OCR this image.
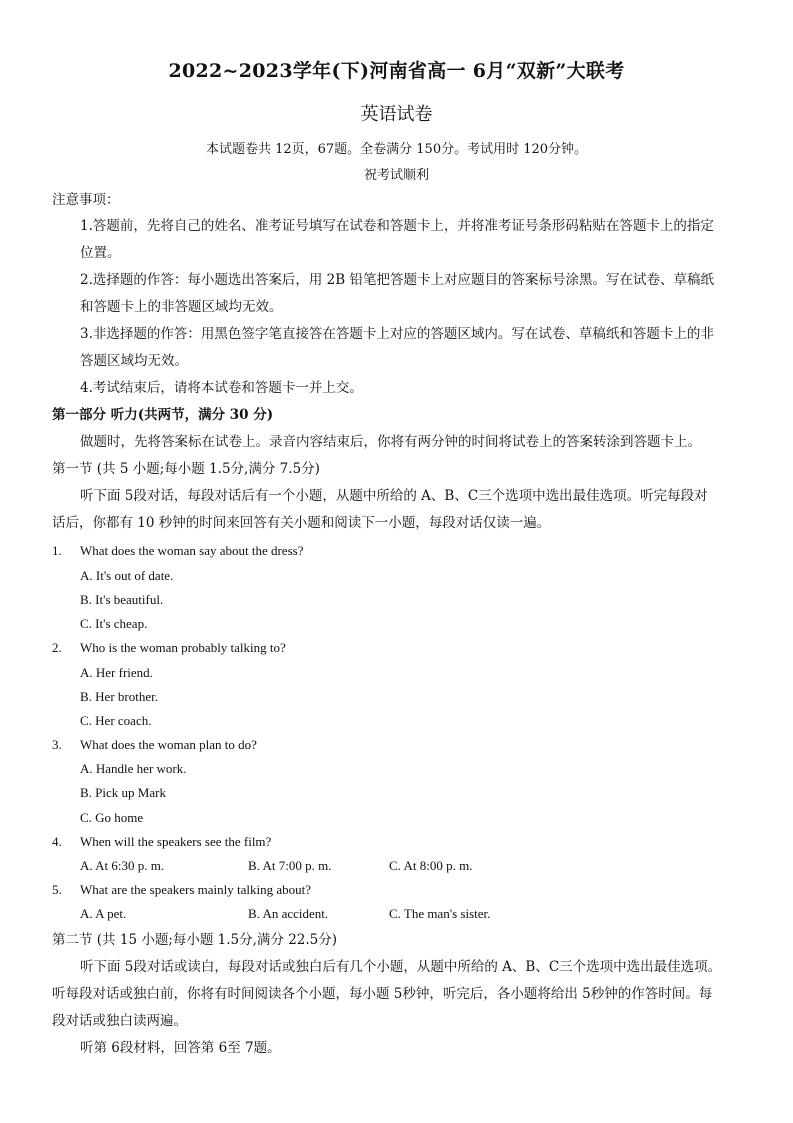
2022~2023学年(下)河南省高一 6月“双新”大联考
英语试卷
本试题卷共 12页，67题。全卷满分 150分。考试用时 120分钟。
祝考试顺利
注意事项：
1.答题前，先将自己的姓名、准考证号填写在试卷和答题卡上，并将准考证号条形码粘贴在答题卡上的指定
位置。
2.选择题的作答：每小题选出答案后，用 2B 铅笔把答题卡上对应题目的答案标号涂黑。写在试卷、草稿纸
和答题卡上的非答题区域均无效。
3.非选择题的作答：用黑色签字笔直接答在答题卡上对应的答题区域内。写在试卷、草稿纸和答题卡上的非
答题区域均无效。
4.考试结束后，请将本试卷和答题卡一并上交。
第一部分 听力(共两节，满分 30 分)
做题时，先将答案标在试卷上。录音内容结束后，你将有两分钟的时间将试卷上的答案转涂到答题卡上。
第一节 (共 5 小题;每小题 1.5分,满分 7.5分)
听下面 5段对话，每段对话后有一个小题，从题中所给的 A、B、C三个选项中选出最佳选项。听完每段对
话后，你都有 10 秒钟的时间来回答有关小题和阅读下一小题，每段对话仅读一遍。
1. What does the woman say about the dress?
A. It's out of date.
B. It's beautiful.
C. It's cheap.
2. Who is the woman probably talking to?
A. Her friend.
B. Her brother.
C. Her coach.
3. What does the woman plan to do?
A. Handle her work.
B. Pick up Mark
C. Go home
4. When will the speakers see the film?
A. At 6:30 p. m.	B. At 7:00 p. m.	C. At 8:00 p. m.
5. What are the speakers mainly talking about?
A. A pet.	B. An accident.	C. The man's sister.
第二节 (共 15 小题;每小题 1.5分,满分 22.5分)
听下面 5段对话或读白，每段对话或独白后有几个小题，从题中所给的 A、B、C三个选项中选出最佳选项。
听每段对话或独白前，你将有时间阅读各个小题，每小题 5秒钟，听完后，各小题将给出 5秒钟的作答时间。每
段对话或独白读两遍。
听第 6段材料，回答第 6至 7题。
